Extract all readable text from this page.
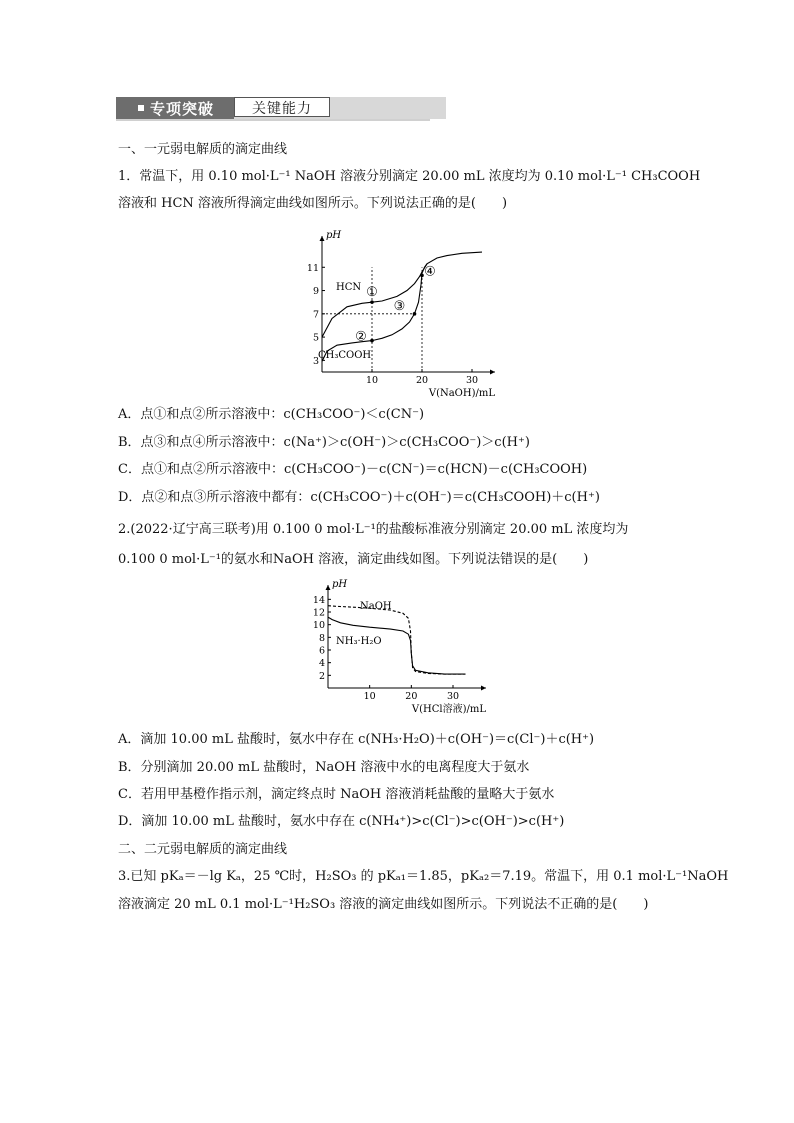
专项突破	关键能力
一、一元弱电解质的滴定曲线
1．常温下，用 0.10 mol·L⁻¹ NaOH 溶液分别滴定 20.00 mL 浓度均为 0.10 mol·L⁻¹ CH₃COOH
溶液和 HCN 溶液所得滴定曲线如图所示。下列说法正确的是(　　)
pH
V(NaOH)/mL
10	20	30
3
5
7
9
11
HCN
CH₃COOH
①
②
③
④
A．点①和点②所示溶液中：c(CH₃COO⁻)＜c(CN⁻)
B．点③和点④所示溶液中：c(Na⁺)＞c(OH⁻)＞c(CH₃COO⁻)＞c(H⁺)
C．点①和点②所示溶液中：c(CH₃COO⁻)－c(CN⁻)＝c(HCN)－c(CH₃COOH)
D．点②和点③所示溶液中都有：c(CH₃COO⁻)＋c(OH⁻)＝c(CH₃COOH)＋c(H⁺)
2.(2022·辽宁高三联考)用 0.100 0 mol·L⁻¹的盐酸标准液分别滴定 20.00 mL 浓度均为
0.100 0 mol·L⁻¹的氨水和NaOH 溶液，滴定曲线如图。下列说法错误的是(　　)
pH
V(HCl溶液)/mL
10	20	30
2
4
6
8
10
12
14
NaOH
NH₃·H₂O
A．滴加 10.00 mL 盐酸时，氨水中存在 c(NH₃·H₂O)＋c(OH⁻)＝c(Cl⁻)＋c(H⁺)
B．分别滴加 20.00 mL 盐酸时，NaOH 溶液中水的电离程度大于氨水
C．若用甲基橙作指示剂，滴定终点时 NaOH 溶液消耗盐酸的量略大于氨水
D．滴加 10.00 mL 盐酸时，氨水中存在 c(NH₄⁺)>c(Cl⁻)>c(OH⁻)>c(H⁺)
二、二元弱电解质的滴定曲线
3.已知 pKₐ＝－lg Kₐ，25 ℃时，H₂SO₃ 的 pKₐ₁＝1.85，pKₐ₂＝7.19。常温下，用 0.1 mol·L⁻¹NaOH
溶液滴定 20 mL 0.1 mol·L⁻¹H₂SO₃ 溶液的滴定曲线如图所示。下列说法不正确的是(　　)
